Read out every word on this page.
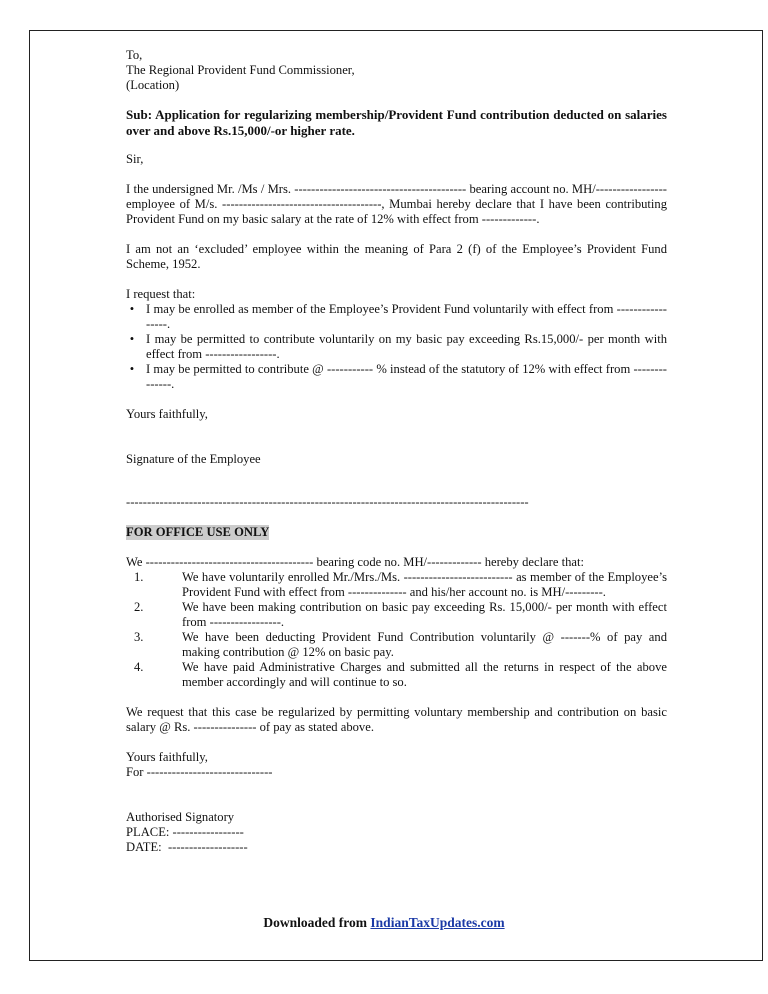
To,

The Regional Provident Fund Commissioner,

(Location)

Sub: Application for regularizing membership/Provident Fund contribution deducted on salaries over and above Rs.15,000/-or higher rate.

Sir,

I the undersigned Mr. /Ms / Mrs. ----------------------------------------- bearing account no. MH/----------------- employee of M/s. --------------------------------------, Mumbai hereby declare that I have been contributing Provident Fund on my basic salary at the rate of 12% with effect from -------------.

I am not an ‘excluded’ employee within the meaning of Para 2 (f) of the Employee’s Provident Fund Scheme, 1952.

I request that:

• I may be enrolled as member of the Employee’s Provident Fund voluntarily with effect from -----------------.
• I may be permitted to contribute voluntarily on my basic pay exceeding Rs.15,000/- per month with effect from -----------------.
• I may be permitted to contribute @ ----------- % instead of the statutory of 12% with effect from --------------.

Yours faithfully,

Signature of the Employee

------------------------------------------------------------------------------------------------

FOR OFFICE USE ONLY

We ---------------------------------------- bearing code no. MH/------------- hereby declare that:

1.	We have voluntarily enrolled Mr./Mrs./Ms. -------------------------- as member of the Employee’s Provident Fund with effect from -------------- and his/her account no. is MH/---------.
2.	We have been making contribution on basic pay exceeding Rs. 15,000/- per month with effect from -----------------.
3.	We have been deducting Provident Fund Contribution voluntarily @ -------% of pay and making contribution @ 12% on basic pay.
4.	We have paid Administrative Charges and submitted all the returns in respect of the above member accordingly and will continue to so.

We request that this case be regularized by permitting voluntary membership and contribution on basic salary @ Rs. --------------- of pay as stated above.

Yours faithfully,

For ------------------------------

Authorised Signatory

PLACE: -----------------

DATE:  -------------------

Downloaded from IndianTaxUpdates.com
